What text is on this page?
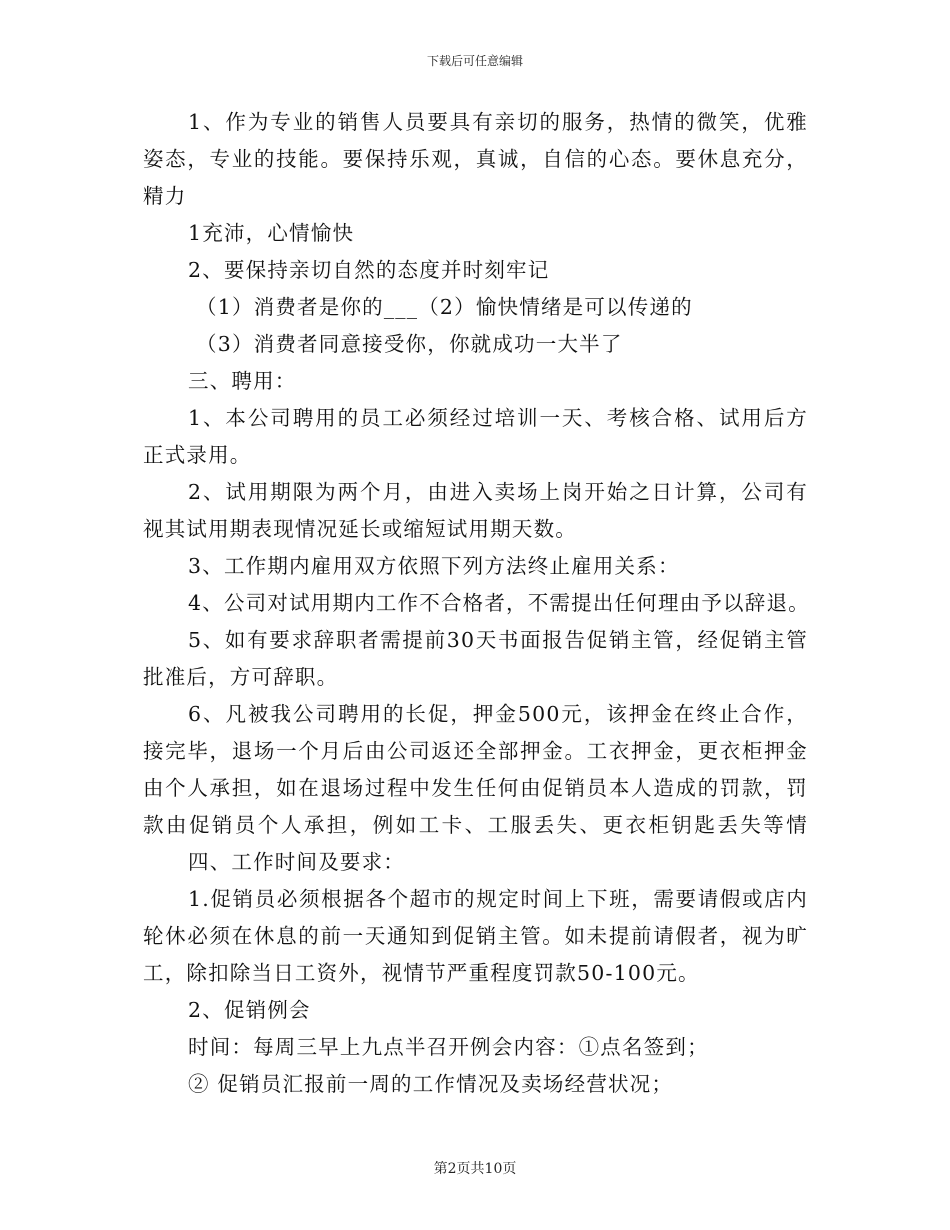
下载后可任意编辑
1、作为专业的销售人员要具有亲切的服务，热情的微笑，优雅
姿态，专业的技能。要保持乐观，真诚，自信的心态。要休息充分，
精力
1充沛，心情愉快
2、要保持亲切自然的态度并时刻牢记
（1）消费者是你的___（2）愉快情绪是可以传递的
（3）消费者同意接受你，你就成功一大半了
三、聘用：
1、本公司聘用的员工必须经过培训一天、考核合格、试用后方
正式录用。
2、试用期限为两个月，由进入卖场上岗开始之日计算，公司有
视其试用期表现情况延长或缩短试用期天数。
3、工作期内雇用双方依照下列方法终止雇用关系：
4、公司对试用期内工作不合格者，不需提出任何理由予以辞退。
5、如有要求辞职者需提前30天书面报告促销主管，经促销主管
批准后，方可辞职。
6、凡被我公司聘用的长促，押金500元，该押金在终止合作，
接完毕，退场一个月后由公司返还全部押金。工衣押金，更衣柜押金
由个人承担，如在退场过程中发生任何由促销员本人造成的罚款，罚
款由促销员个人承担，例如工卡、工服丢失、更衣柜钥匙丢失等情
四、工作时间及要求：
1.促销员必须根据各个超市的规定时间上下班，需要请假或店内
轮休必须在休息的前一天通知到促销主管。如未提前请假者，视为旷
工，除扣除当日工资外，视情节严重程度罚款50-100元。
2、促销例会
时间：每周三早上九点半召开例会内容：①点名签到；
② 促销员汇报前一周的工作情况及卖场经营状况；
第2页共10页
